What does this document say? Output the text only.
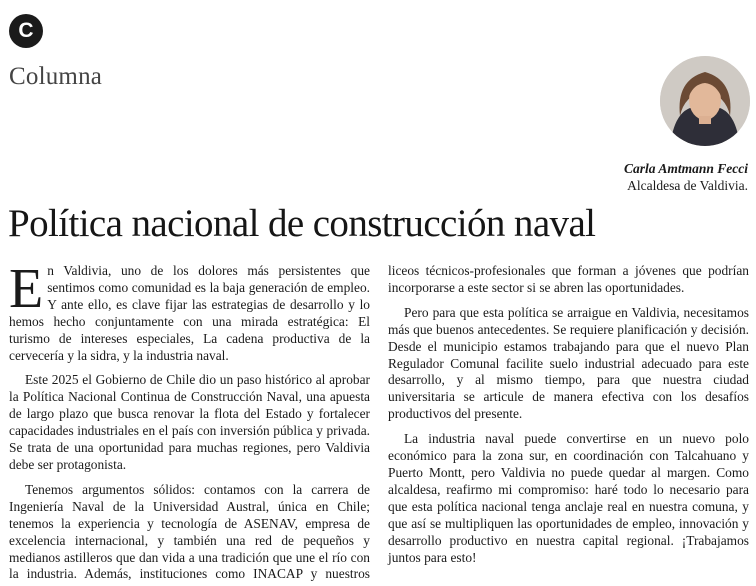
C
Columna
Carla Amtmann Fecci
Alcaldesa de Valdivia.
Política nacional de construcción naval

En Valdivia, uno de los dolores más persistentes que sentimos como comunidad es la baja generación de empleo. Y ante ello, es clave fijar las estrategias de desarrollo y lo hemos hecho conjuntamente con una mirada estratégica: El turismo de intereses especiales, La cadena productiva de la cervecería y la sidra, y la industria naval.

Este 2025 el Gobierno de Chile dio un paso histórico al aprobar la Política Nacional Continua de Construcción Naval, una apuesta de largo plazo que busca renovar la flota del Estado y fortalecer capacidades industriales en el país con inversión pública y privada. Se trata de una oportunidad para muchas regiones, pero Valdivia debe ser protagonista.

Tenemos argumentos sólidos: contamos con la carrera de Ingeniería Naval de la Universidad Austral, única en Chile; tenemos la experiencia y tecnología de ASENAV, empresa de excelencia internacional, y también una red de pequeños y medianos astilleros que dan vida a una tradición que une el río con la industria. Además, instituciones como INACAP y nuestros liceos técnicos-profesionales que forman a jóvenes que podrían incorporarse a este sector si se abren las oportunidades.

Pero para que esta política se arraigue en Valdivia, necesitamos más que buenos antecedentes. Se requiere planificación y decisión. Desde el municipio estamos trabajando para que el nuevo Plan Regulador Comunal facilite suelo industrial adecuado para este desarrollo, y al mismo tiempo, para que nuestra ciudad universitaria se articule de manera efectiva con los desafíos productivos del presente.

La industria naval puede convertirse en un nuevo polo económico para la zona sur, en coordinación con Talcahuano y Puerto Montt, pero Valdivia no puede quedar al margen. Como alcaldesa, reafirmo mi compromiso: haré todo lo necesario para que esta política nacional tenga anclaje real en nuestra comuna, y que así se multipliquen las oportunidades de empleo, innovación y desarrollo productivo en nuestra capital regional. ¡Trabajamos juntos para esto!
